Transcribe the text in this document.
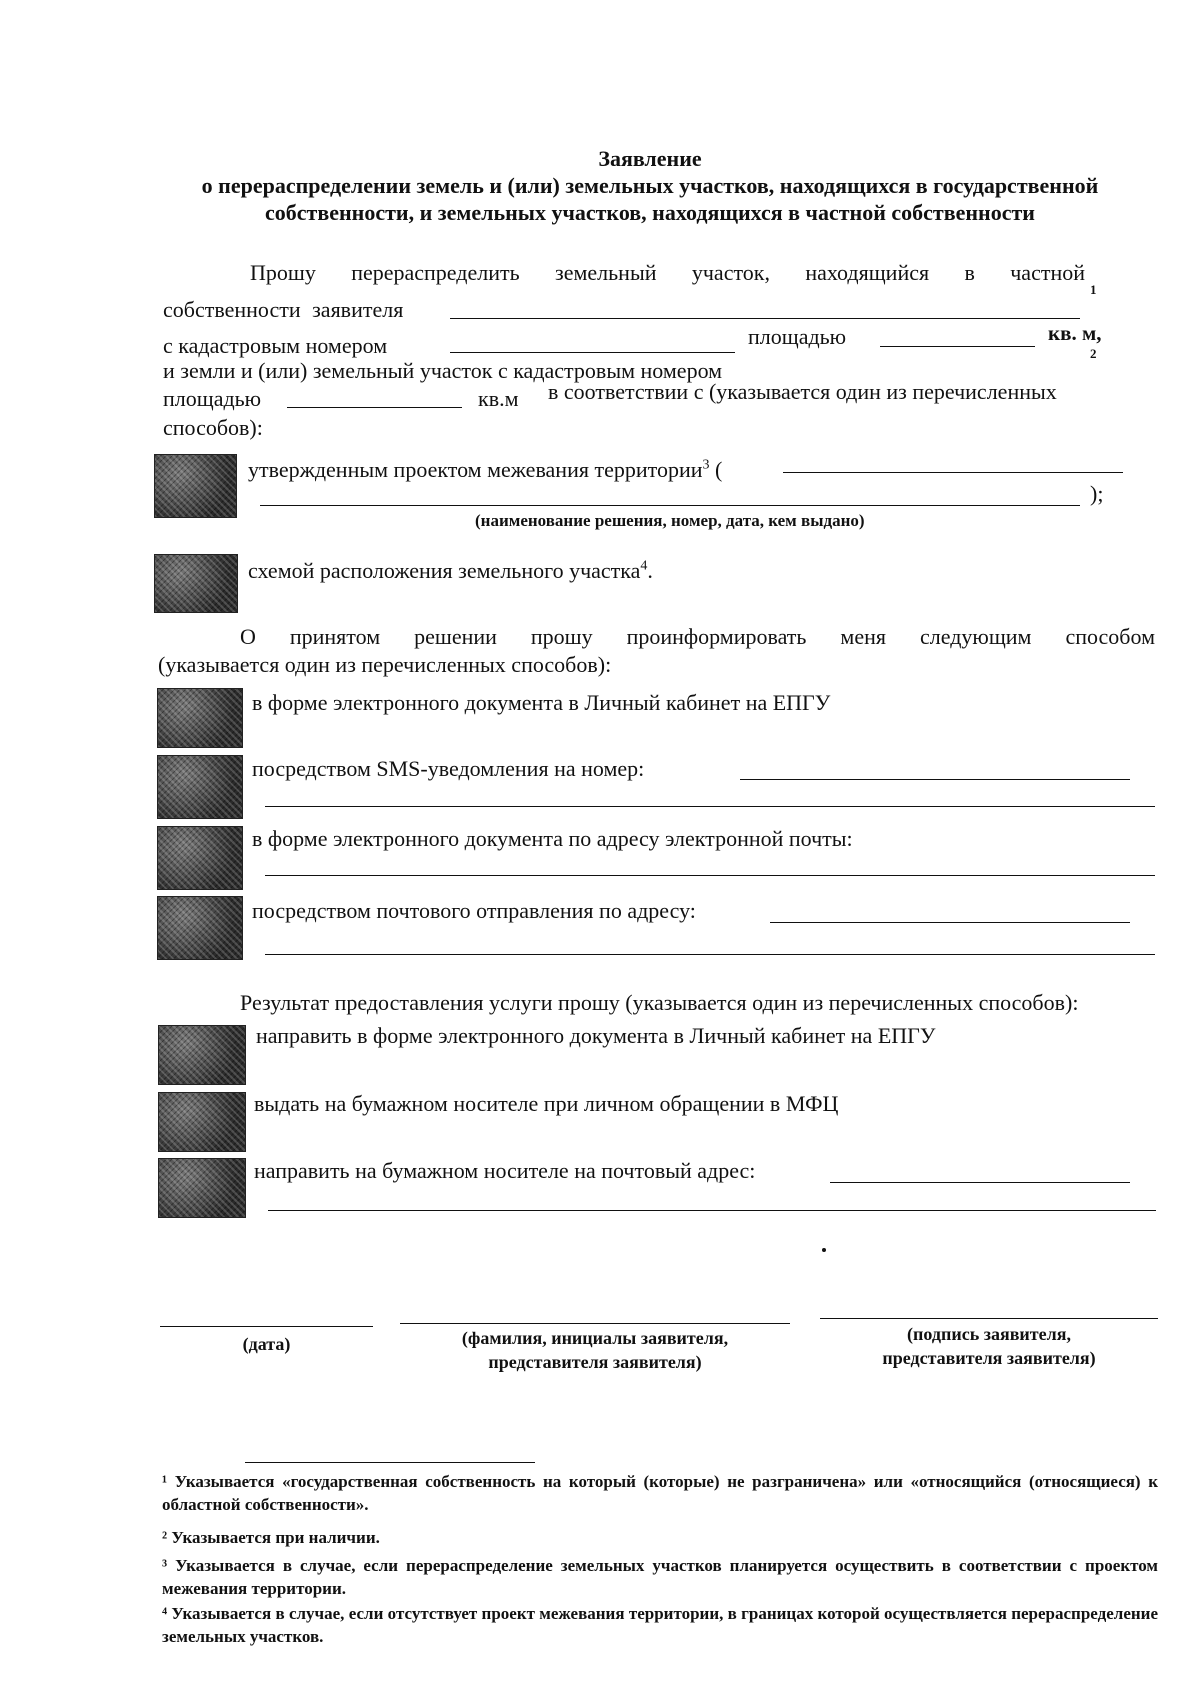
Заявление
о перераспределении земель и (или) земельных участков, находящихся в государственной
собственности, и земельных участков, находящихся в частной собственности
Прошу перераспределить земельный участок, находящийся в частной
собственности заявителя
1
с кадастровым номером	площадью	кв. м,
2
и земли и (или) земельный участок с кадастровым номером
площадью	кв.м в соответствии с (указывается один из перечисленных
способов):
утвержденным проектом межевания территории$^3$ (
);
(наименование решения, номер, дата, кем выдано)
схемой расположения земельного участка$^4$.
О принятом решении прошу проинформировать меня следующим способом
(указывается один из перечисленных способов):
в форме электронного документа в Личный кабинет на ЕПГУ
посредством SMS-уведомления на номер:
в форме электронного документа по адресу электронной почты:
посредством почтового отправления по адресу:
Результат предоставления услуги прошу (указывается один из перечисленных способов):
направить в форме электронного документа в Личный кабинет на ЕПГУ
выдать на бумажном носителе при личном обращении в МФЦ
направить на бумажном носителе на почтовый адрес:
(дата)	(фамилия, инициалы заявителя,
представителя заявителя)
(подпись заявителя,
представителя заявителя)
¹ Указывается «государственная собственность на который (которые) не разграничена» или «относящийся (относящиеся) к областной собственности».
² Указывается при наличии.
³ Указывается в случае, если перераспределение земельных участков планируется осуществить в соответствии с проектом межевания территории.
⁴ Указывается в случае, если отсутствует проект межевания территории, в границах которой осуществляется перераспределение земельных участков.
